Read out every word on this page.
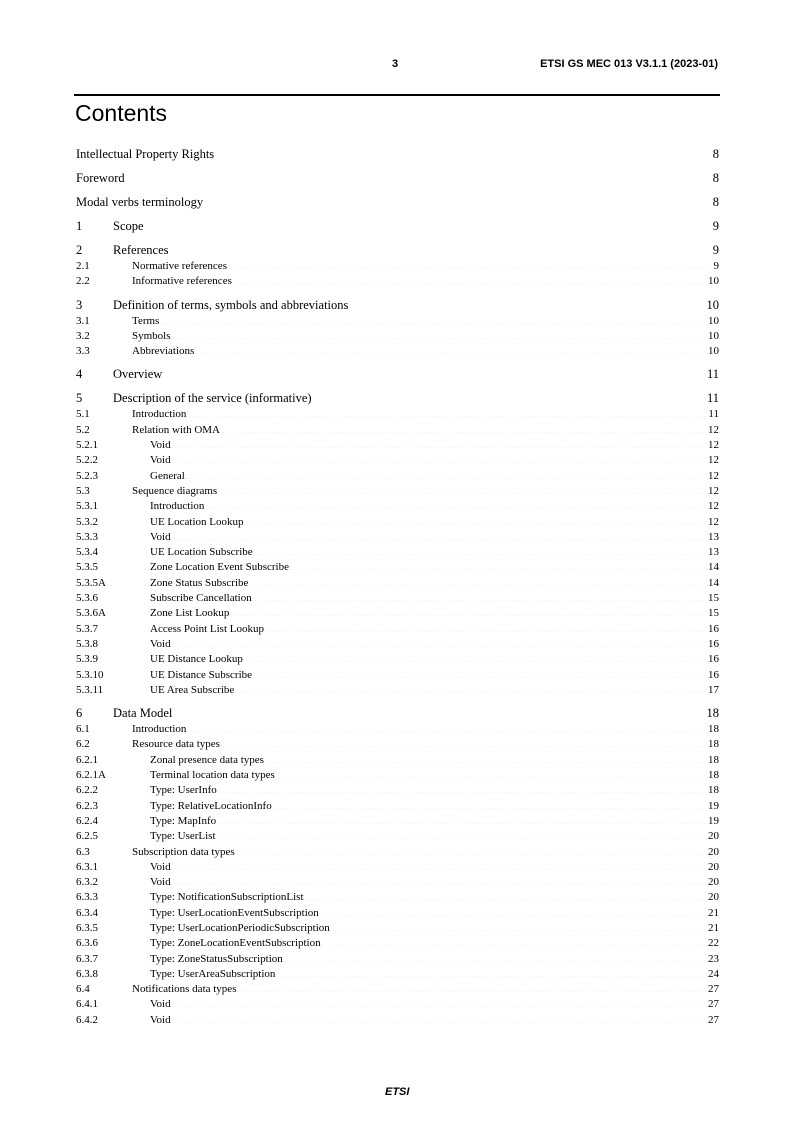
3	ETSI GS MEC 013 V3.1.1 (2023-01)
Contents
Intellectual Property Rights .....	8
Foreword .....	8
Modal verbs terminology .....	8
1	Scope .....	9
2	References .....	9
2.1	Normative references .....	9
2.2	Informative references .....	10
3	Definition of terms, symbols and abbreviations .....	10
3.1	Terms .....	10
3.2	Symbols .....	10
3.3	Abbreviations .....	10
4	Overview .....	11
5	Description of the service (informative) .....	11
5.1	Introduction .....	11
5.2	Relation with OMA .....	12
5.2.1	Void .....	12
5.2.2	Void .....	12
5.2.3	General .....	12
5.3	Sequence diagrams .....	12
5.3.1	Introduction .....	12
5.3.2	UE Location Lookup .....	12
5.3.3	Void .....	13
5.3.4	UE Location Subscribe .....	13
5.3.5	Zone Location Event Subscribe .....	14
5.3.5A	Zone Status Subscribe .....	14
5.3.6	Subscribe Cancellation .....	15
5.3.6A	Zone List Lookup .....	15
5.3.7	Access Point List Lookup .....	16
5.3.8	Void .....	16
5.3.9	UE Distance Lookup .....	16
5.3.10	UE Distance Subscribe .....	16
5.3.11	UE Area Subscribe .....	17
6	Data Model .....	18
6.1	Introduction .....	18
6.2	Resource data types .....	18
6.2.1	Zonal presence data types .....	18
6.2.1A	Terminal location data types .....	18
6.2.2	Type: UserInfo .....	18
6.2.3	Type: RelativeLocationInfo .....	19
6.2.4	Type: MapInfo .....	19
6.2.5	Type: UserList .....	20
6.3	Subscription data types .....	20
6.3.1	Void .....	20
6.3.2	Void .....	20
6.3.3	Type: NotificationSubscriptionList .....	20
6.3.4	Type: UserLocationEventSubscription .....	21
6.3.5	Type: UserLocationPeriodicSubscription .....	21
6.3.6	Type: ZoneLocationEventSubscription .....	22
6.3.7	Type: ZoneStatusSubscription .....	23
6.3.8	Type: UserAreaSubscription .....	24
6.4	Notifications data types .....	27
6.4.1	Void .....	27
6.4.2	Void .....	27
ETSI
